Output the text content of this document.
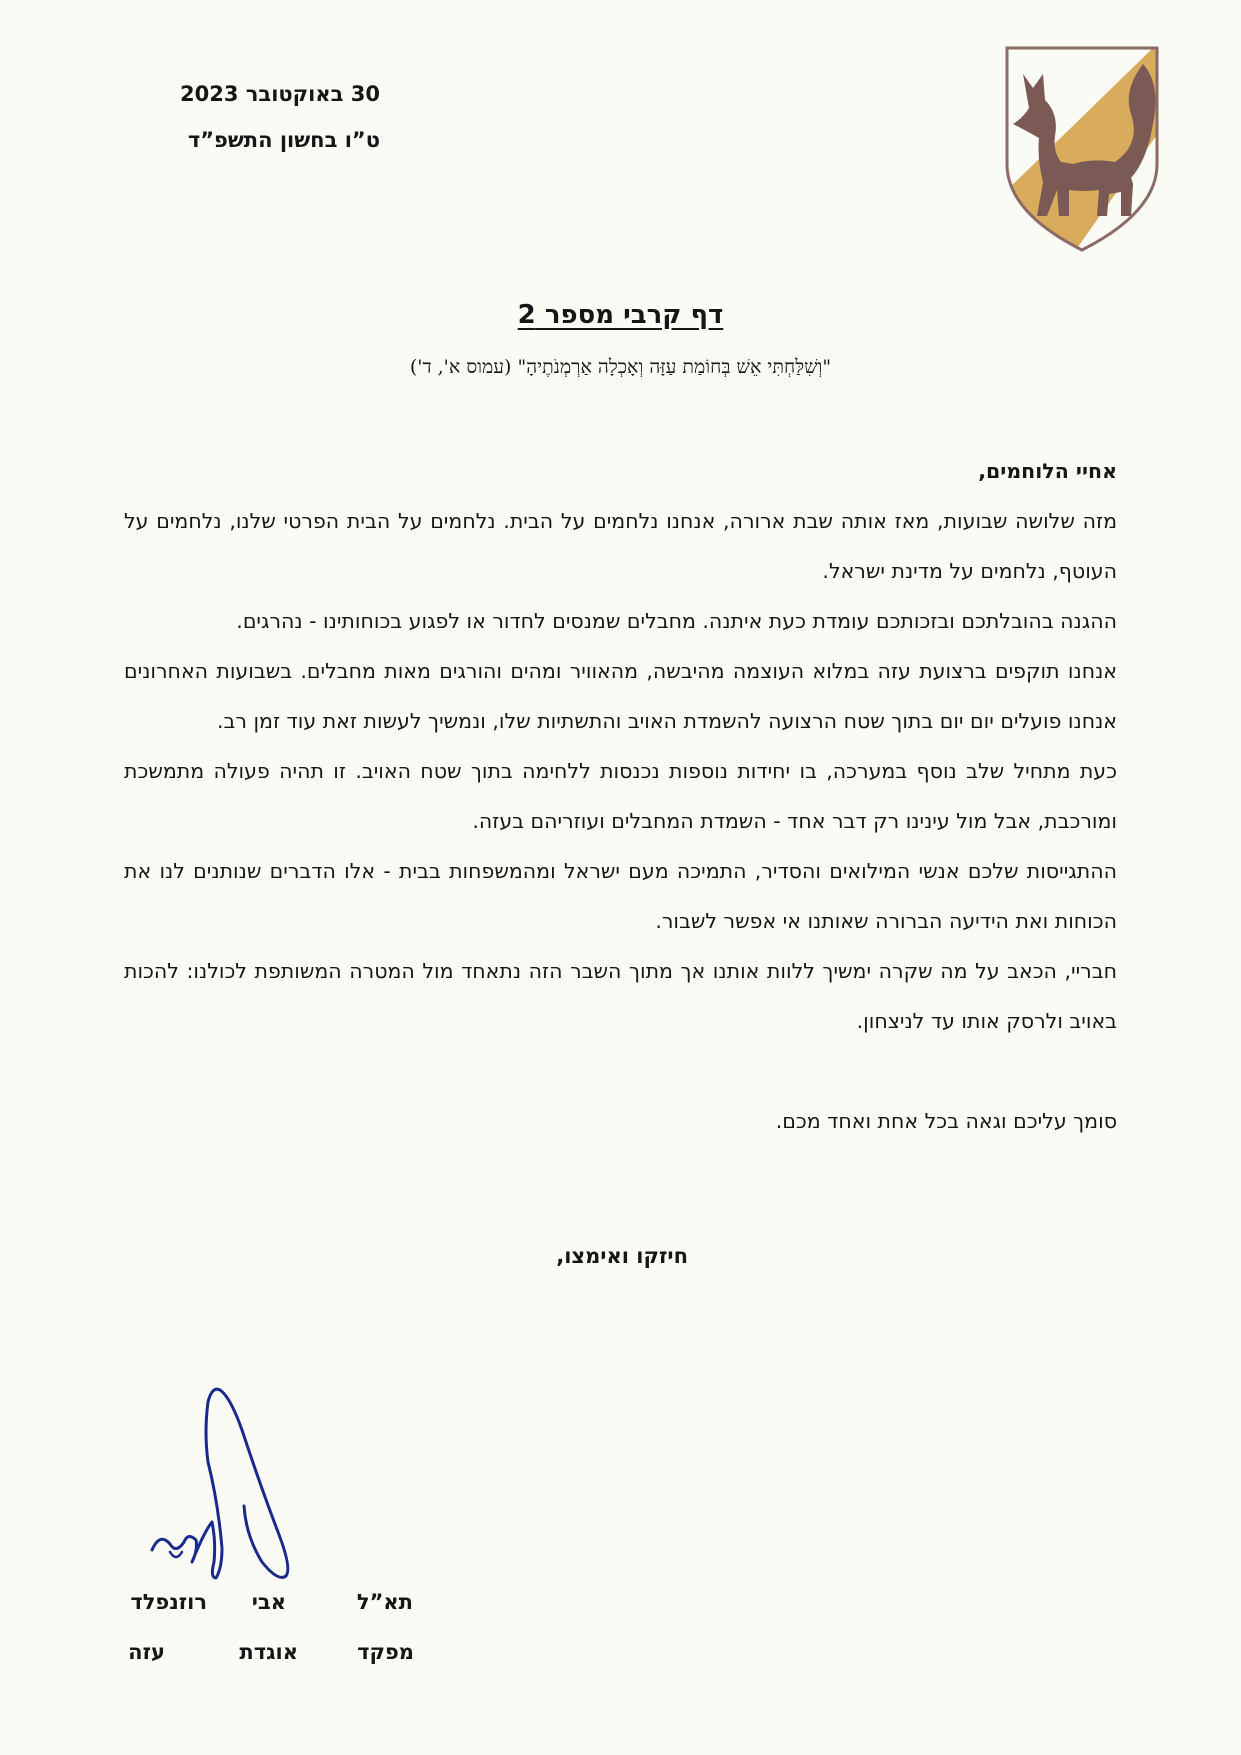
30 באוקטובר 2023

ט”ו בחשון התשפ”ד

דף קרבי מספר 2
"וְשִׁלַּחְתִּי אֵשׁ בְּחוֹמַת עַזָּה וְאָכְלָה אַרְמְנֹתֶיהָ" (עמוס א', ד')

אחיי הלוחמים,

מזה שלושה שבועות, מאז אותה שבת ארורה, אנחנו נלחמים על הבית. נלחמים על הבית הפרטי שלנו, נלחמים על העוטף, נלחמים על מדינת ישראל.

ההגנה בהובלתכם ובזכותכם עומדת כעת איתנה. מחבלים שמנסים לחדור או לפגוע בכוחותינו - נהרגים.

אנחנו תוקפים ברצועת עזה במלוא העוצמה מהיבשה, מהאוויר ומהים והורגים מאות מחבלים. בשבועות האחרונים אנחנו פועלים יום יום בתוך שטח הרצועה להשמדת האויב והתשתיות שלו, ונמשיך לעשות זאת עוד זמן רב.

כעת מתחיל שלב נוסף במערכה, בו יחידות נוספות נכנסות ללחימה בתוך שטח האויב. זו תהיה פעולה מתמשכת ומורכבת, אבל מול עינינו רק דבר אחד - השמדת המחבלים ועוזריהם בעזה.

ההתגייסות שלכם אנשי המילואים והסדיר, התמיכה מעם ישראל ומהמשפחות בבית - אלו הדברים שנותנים לנו את הכוחות ואת הידיעה הברורה שאותנו אי אפשר לשבור.

חבריי, הכאב על מה שקרה ימשיך ללוות אותנו אך מתוך השבר הזה נתאחד מול המטרה המשותפת לכולנו: להכות באויב ולרסק אותו עד לניצחון.

סומך עליכם וגאה בכל אחת ואחד מכם.

חיזקו ואימצו,
תא”ל
אבי
רוזנפלד
מפקד
אוגדת
עזה
